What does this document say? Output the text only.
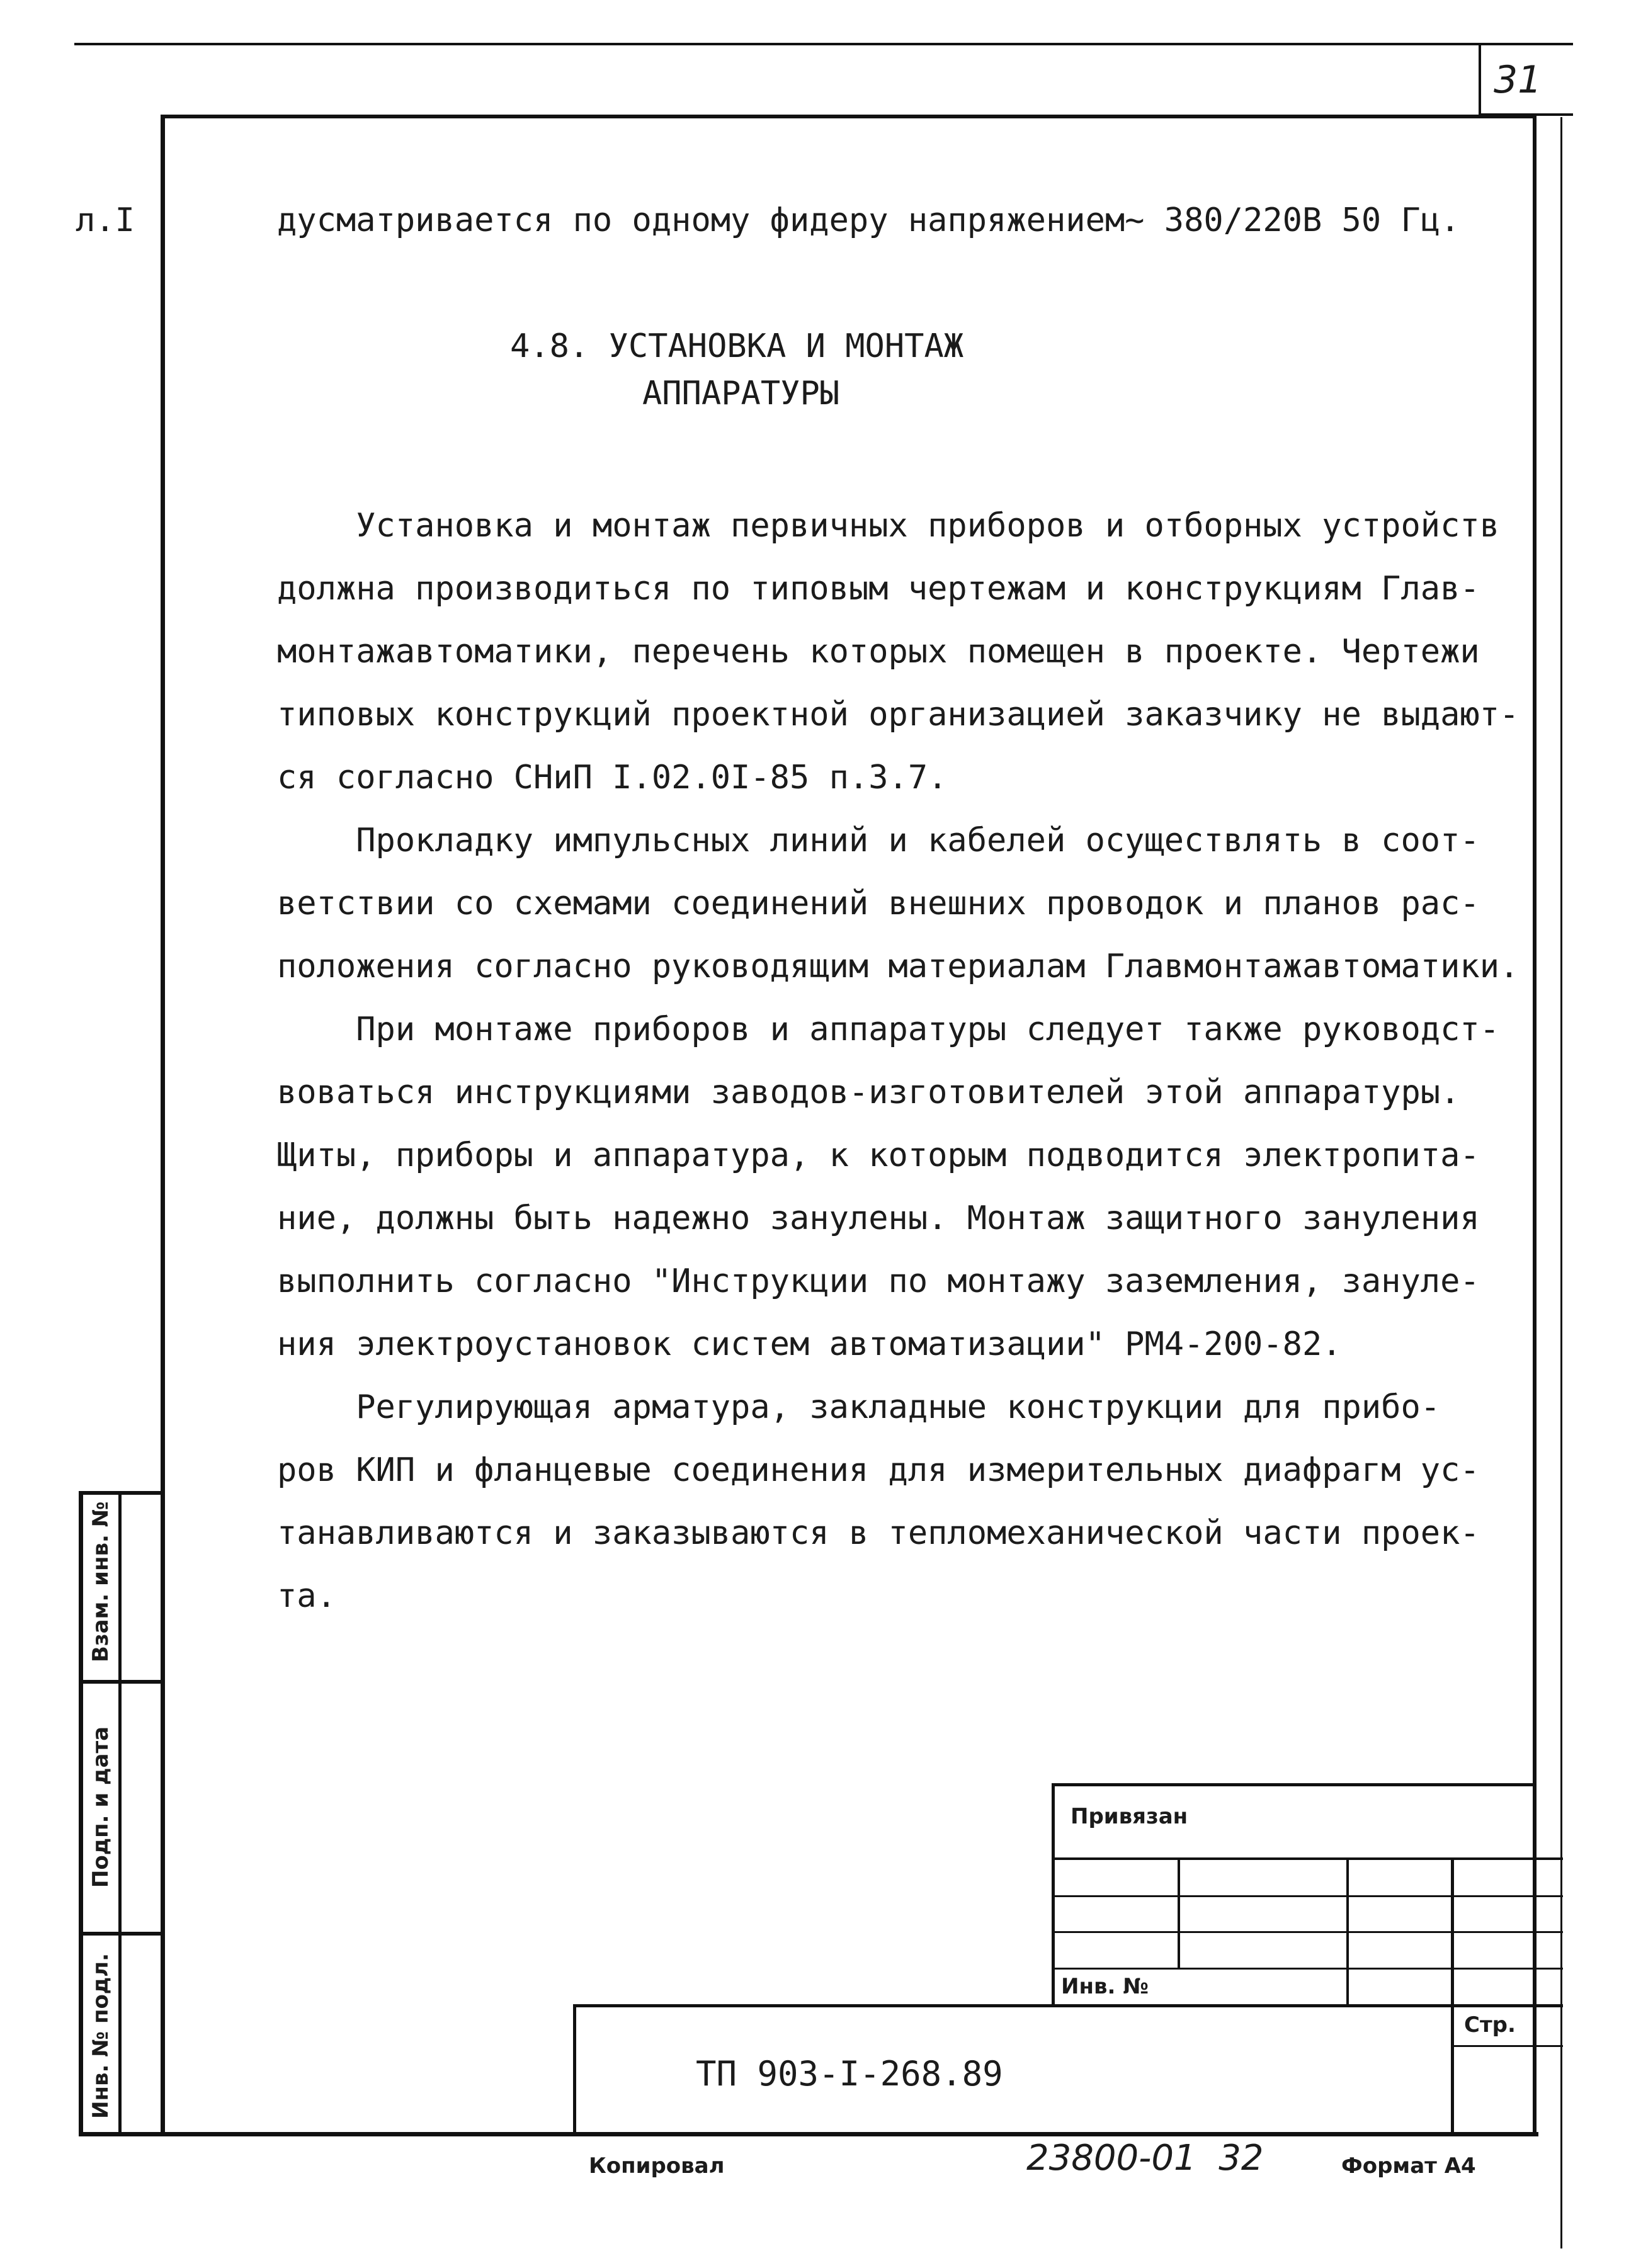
31
л.I	дусматривается по одному фидеру напряжением~ 380/220В 50 Гц.
4.8. УСТАНОВКА И МОНТАЖ
АППАРАТУРЫ
Установка и монтаж первичных приборов и отборных устройств
должна производиться по типовым чертежам и конструкциям Глав-
монтажавтоматики, перечень которых помещен в проекте. Чертежи
типовых конструкций проектной организацией заказчику не выдают-
ся согласно СНиП I.02.0I-85 п.3.7.
Прокладку импульсных линий и кабелей осуществлять в соот-
ветствии со схемами соединений внешних проводок и планов рас-
положения согласно руководящим материалам Главмонтажавтоматики.
При монтаже приборов и аппаратуры следует также руководст-
воваться инструкциями заводов-изготовителей этой аппаратуры.
Щиты, приборы и аппаратура, к которым подводится электропита-
ние, должны быть надежно занулены. Монтаж защитного зануления
выполнить согласно "Инструкции по монтажу заземления, зануле-
ния электроустановок систем автоматизации" РМ4-200-82.
Регулирующая арматура, закладные конструкции для прибо-
ров КИП и фланцевые соединения для измерительных диафрагм ус-
танавливаются и заказываются в тепломеханической части проек-
та.
Взам. инв. №
Подп. и дата
Инв. № подл.
Привязан
Инв. №
Стр.
ТП 903-I-268.89
Копировал	23800-01  32	Формат А4
